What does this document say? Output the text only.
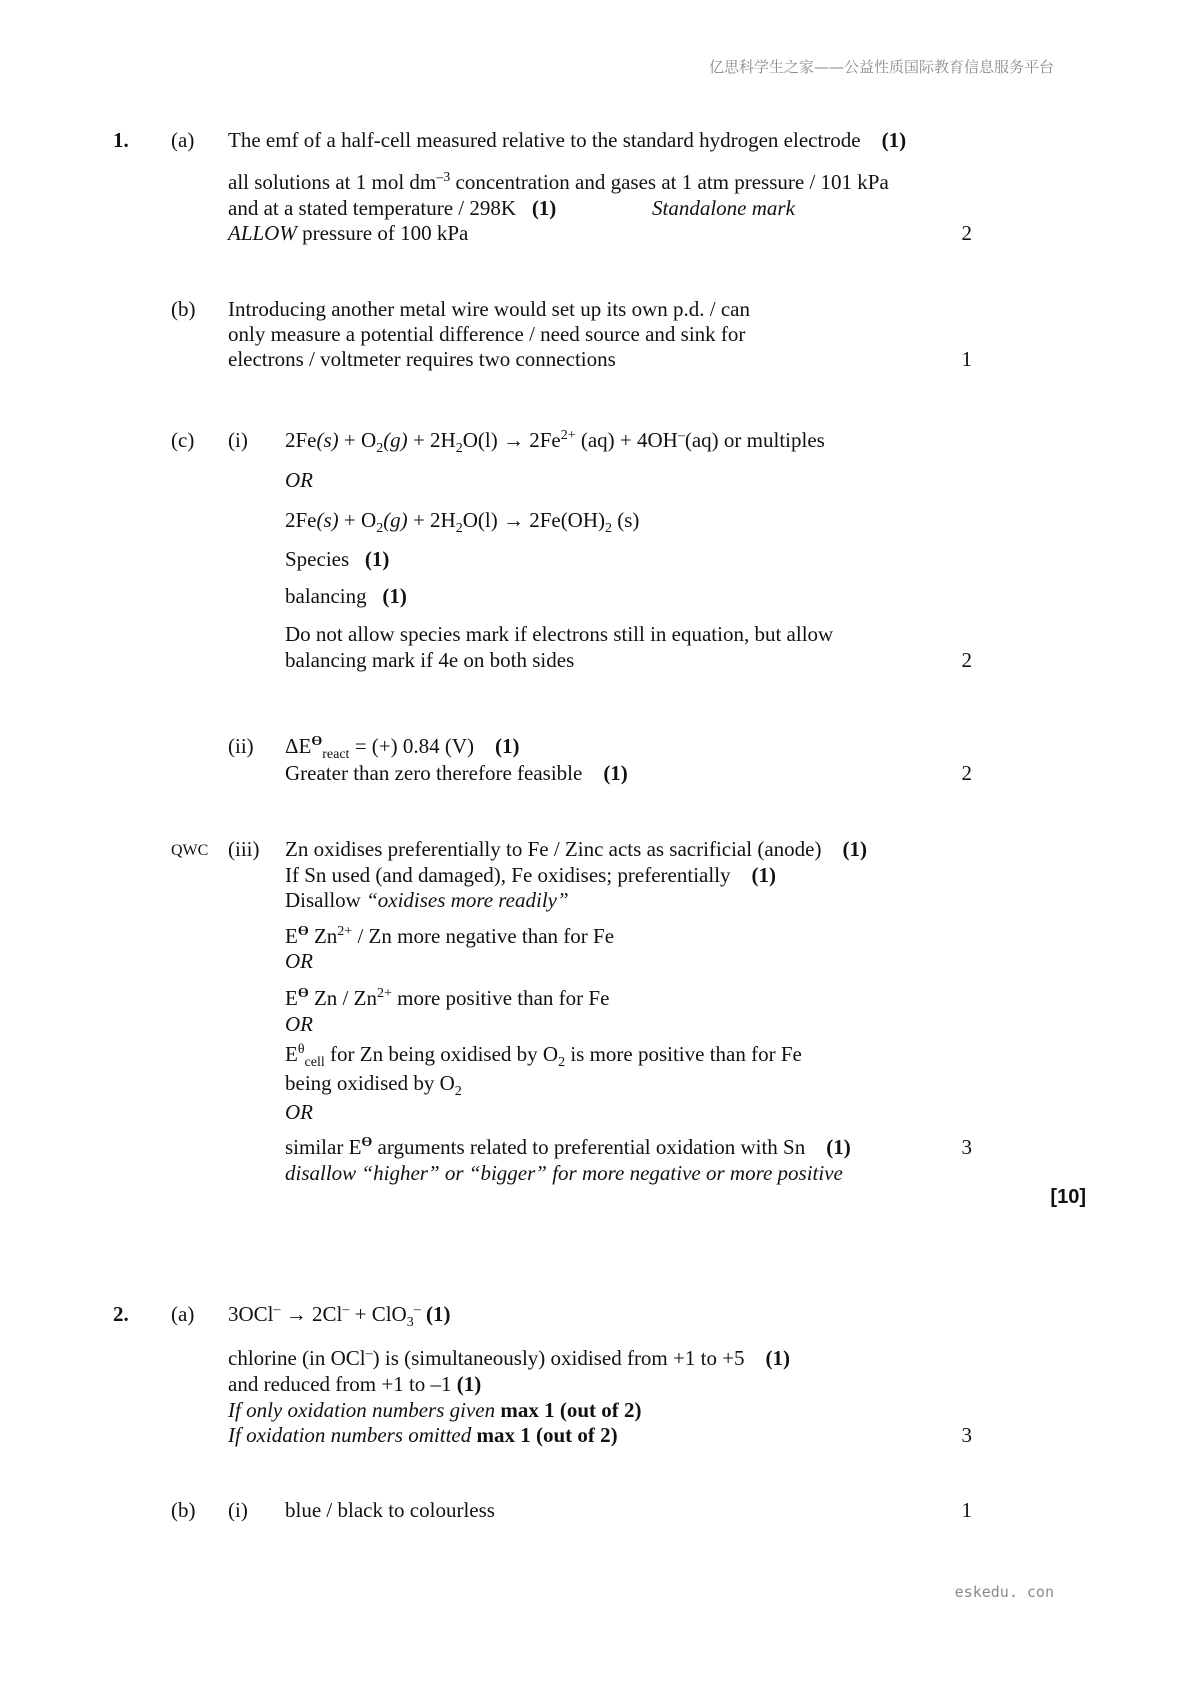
亿思科学生之家——公益性质国际教育信息服务平台
eskedu. con
1. (a) The emf of a half-cell measured relative to the standard hydrogen electrode (1)
all solutions at 1 mol $dm^{-3}$ concentration and gases at 1 atm pressure / 101 kPa
and at a stated temperature / 298K (1)	Standalone mark
ALLOW pressure of 100 kPa	2
(b) Introducing another metal wire would set up its own p.d. / can
only measure a potential difference / need source and sink for
electrons / voltmeter requires two connections	1
(c) (i) $2Fe(s) + O_2(g) + 2H_2O(l) \to 2Fe^{2+}$ (aq) + 4OH–(aq) or multiples
OR
$2Fe(s) + O_2(g) + 2H_2O(l) \to 2Fe(OH)_2$ (s)
Species (1)
balancing (1)
Do not allow species mark if electrons still in equation, but allow
balancing mark if 4e on both sides	2
(ii) $\Delta E^ϴ_{react}$ = (+) 0.84 (V) (1)
Greater than zero therefore feasible (1)	2
QWC (iii) Zn oxidises preferentially to Fe / Zinc acts as sacrificial (anode) (1)
If Sn used (and damaged), Fe oxidises; preferentially (1)
Disallow “oxidises more readily”
$E^ϴ$ $Zn^{2+}$ / Zn more negative than for Fe
OR
$E^ϴ$ Zn / $Zn^{2+}$ more positive than for Fe
OR
$E^\theta_{cell}$ for Zn being oxidised by $O_2$ is more positive than for Fe
being oxidised by $O_2$
OR
similar $E^ϴ$ arguments related to preferential oxidation with Sn (1)	3
disallow “higher” or “bigger” for more negative or more positive
[10]
2. (a) 3OCl– → 2Cl– + ClO$_3$– (1)
chlorine (in OCl–) is (simultaneously) oxidised from +1 to +5 (1)
and reduced from +1 to –1 (1)
If only oxidation numbers given max 1 (out of 2)
If oxidation numbers omitted max 1 (out of 2)	3
(b) (i) blue / black to colourless	1
